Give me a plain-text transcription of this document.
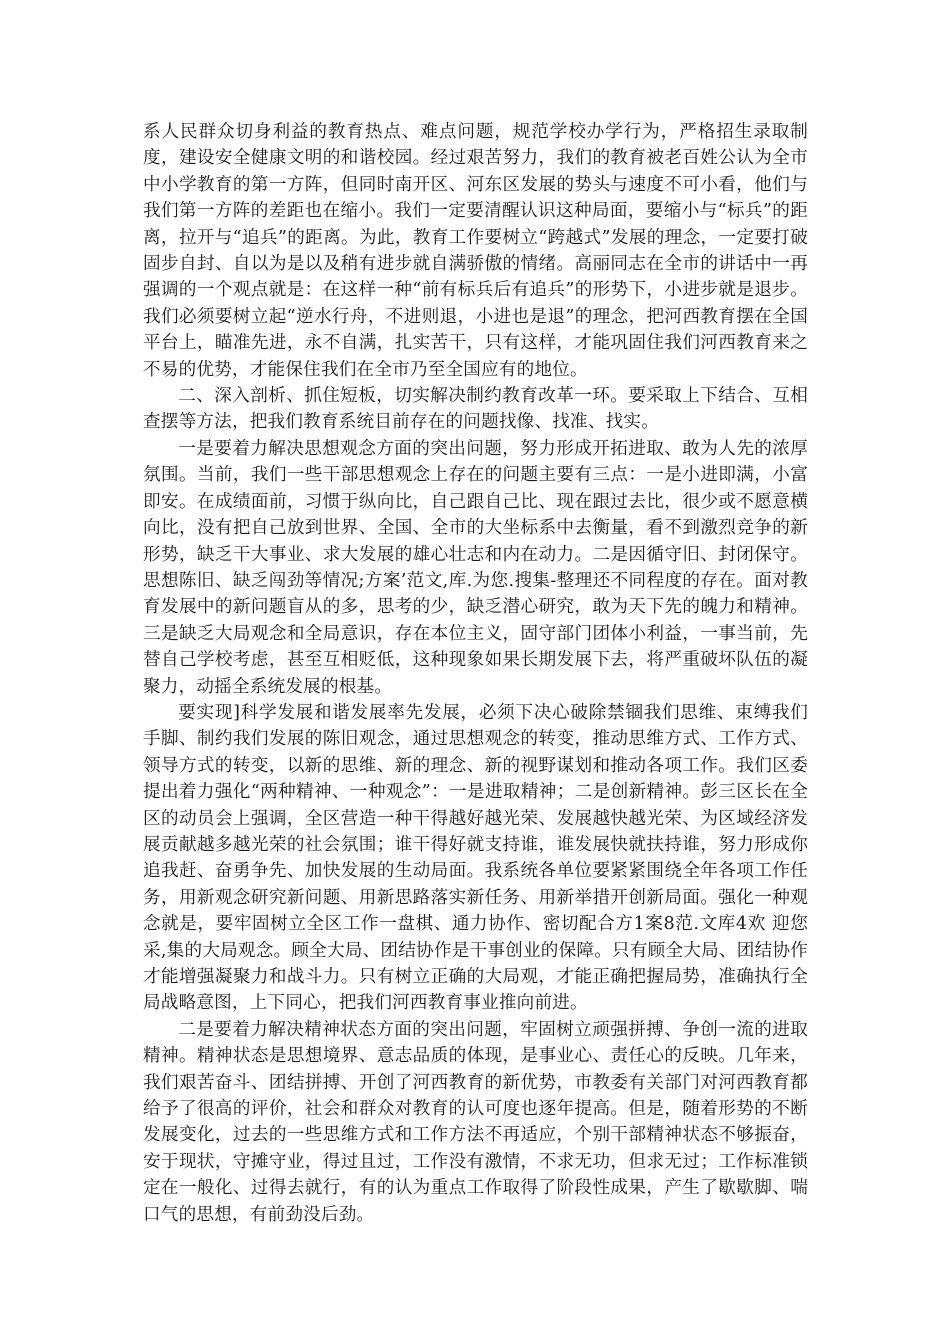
系人民群众切身利益的教育热点、难点问题，规范学校办学行为，严格招生录取制度，建设安全健康文明的和谐校园。经过艰苦努力，我们的教育被老百姓公认为全市中小学教育的第一方阵，但同时南开区、河东区发展的势头与速度不可小看，他们与我们第一方阵的差距也在缩小。我们一定要清醒认识这种局面，要缩小与“标兵”的距离，拉开与“追兵”的距离。为此，教育工作要树立“跨越式”发展的理念，一定要打破固步自封、自以为是以及稍有进步就自满骄傲的情绪。高丽同志在全市的讲话中一再强调的一个观点就是：在这样一种“前有标兵后有追兵”的形势下，小进步就是退步。我们必须要树立起“逆水行舟，不进则退，小进也是退”的理念，把河西教育摆在全国平台上，瞄准先进，永不自满，扎实苦干，只有这样，才能巩固住我们河西教育来之不易的优势，才能保住我们在全市乃至全国应有的地位。

二、深入剖析、抓住短板，切实解决制约教育改革一环。要采取上下结合、互相查摆等方法，把我们教育系统目前存在的问题找像、找准、找实。

一是要着力解决思想观念方面的突出问题，努力形成开拓进取、敢为人先的浓厚氛围。当前，我们一些干部思想观念上存在的问题主要有三点：一是小进即满，小富即安。在成绩面前，习惯于纵向比，自己跟自己比、现在跟过去比，很少或不愿意横向比，没有把自己放到世界、全国、全市的大坐标系中去衡量，看不到激烈竞争的新形势，缺乏干大事业、求大发展的雄心壮志和内在动力。二是因循守旧、封闭保守。思想陈旧、缺乏闯劲等情况;方案’范文,库.为您.搜集-整理还不同程度的存在。面对教育发展中的新问题盲从的多，思考的少，缺乏潜心研究，敢为天下先的魄力和精神。三是缺乏大局观念和全局意识，存在本位主义，固守部门团体小利益，一事当前，先替自己学校考虑，甚至互相贬低，这种现象如果长期发展下去，将严重破坏队伍的凝聚力，动摇全系统发展的根基。

要实现]科学发展和谐发展率先发展，必须下决心破除禁锢我们思维、束缚我们手脚、制约我们发展的陈旧观念，通过思想观念的转变，推动思维方式、工作方式、领导方式的转变，以新的思维、新的理念、新的视野谋划和推动各项工作。我们区委提出着力强化“两种精神、一种观念”：一是进取精神；二是创新精神。彭三区长在全区的动员会上强调，全区营造一种干得越好越光荣、发展越快越光荣、为区域经济发展贡献越多越光荣的社会氛围；谁干得好就支持谁，谁发展快就扶持谁，努力形成你追我赶、奋勇争先、加快发展的生动局面。我系统各单位要紧紧围绕全年各项工作任务，用新观念研究新问题、用新思路落实新任务、用新举措开创新局面。强化一种观念就是，要牢固树立全区工作一盘棋、通力协作、密切配合方1案8范.文库4欢 迎您采,集的大局观念。顾全大局、团结协作是干事创业的保障。只有顾全大局、团结协作才能增强凝聚力和战斗力。只有树立正确的大局观，才能正确把握局势，准确执行全局战略意图，上下同心，把我们河西教育事业推向前进。

二是要着力解决精神状态方面的突出问题，牢固树立顽强拼搏、争创一流的进取精神。精神状态是思想境界、意志品质的体现，是事业心、责任心的反映。几年来，我们艰苦奋斗、团结拼搏、开创了河西教育的新优势，市教委有关部门对河西教育都给予了很高的评价，社会和群众对教育的认可度也逐年提高。但是，随着形势的不断发展变化，过去的一些思维方式和工作方法不再适应，个别干部精神状态不够振奋，安于现状，守摊守业，得过且过，工作没有激情，不求无功，但求无过；工作标准锁定在一般化、过得去就行，有的认为重点工作取得了阶段性成果，产生了歇歇脚、喘口气的思想，有前劲没后劲。
